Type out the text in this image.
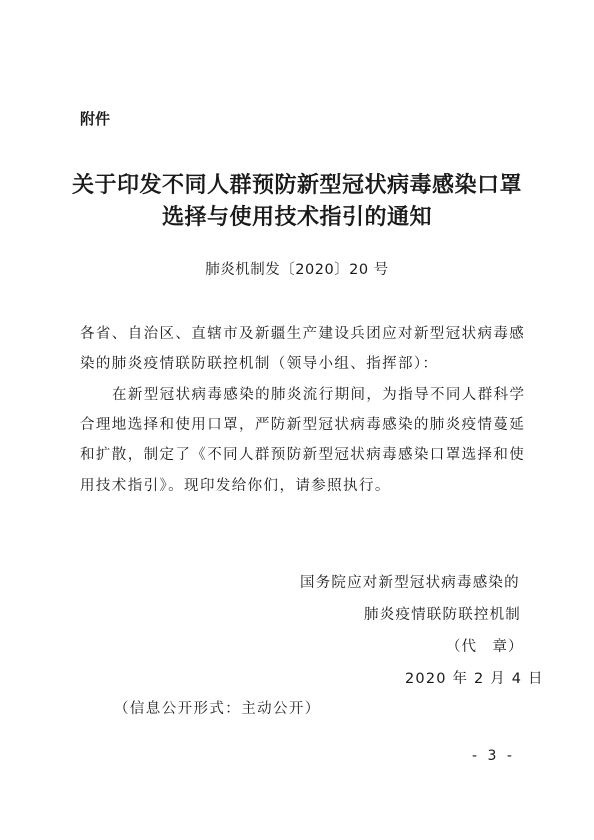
附件
关于印发不同人群预防新型冠状病毒感染口罩
选择与使用技术指引的通知
肺炎机制发〔2020〕20 号
各省、自治区、直辖市及新疆生产建设兵团应对新型冠状病毒感
染的肺炎疫情联防联控机制（领导小组、指挥部）：
在新型冠状病毒感染的肺炎流行期间，为指导不同人群科学
合理地选择和使用口罩，严防新型冠状病毒感染的肺炎疫情蔓延
和扩散，制定了《不同人群预防新型冠状病毒感染口罩选择和使
用技术指引》。现印发给你们，请参照执行。
国务院应对新型冠状病毒感染的
肺炎疫情联防联控机制
（代　章）
2020 年 2 月 4 日
（信息公开形式：主动公开）
- 3 -
